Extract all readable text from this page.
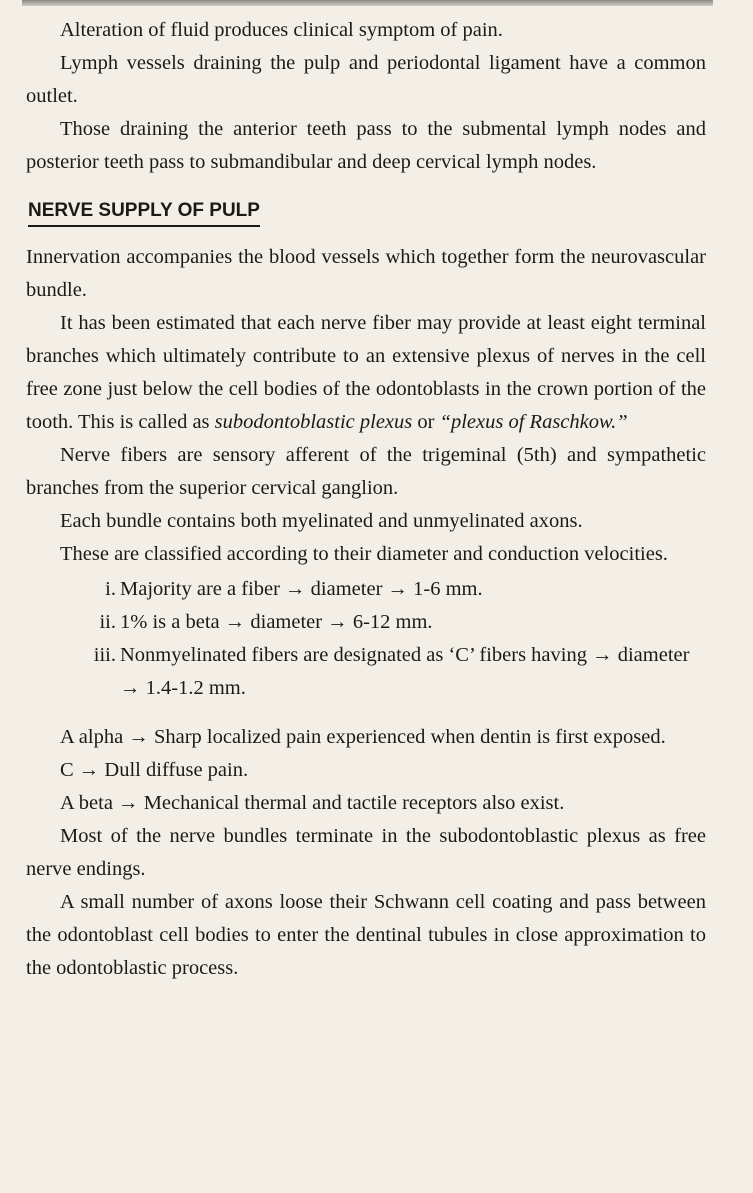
Alteration of fluid produces clinical symptom of pain.

Lymph vessels draining the pulp and periodontal ligament have a common outlet.

Those draining the anterior teeth pass to the submental lymph nodes and posterior teeth pass to submandibular and deep cervical lymph nodes.

NERVE SUPPLY OF PULP

Innervation accompanies the blood vessels which together form the neurovascular bundle.

It has been estimated that each nerve fiber may provide at least eight terminal branches which ultimately contribute to an extensive plexus of nerves in the cell free zone just below the cell bodies of the odontoblasts in the crown portion of the tooth. This is called as subodontoblastic plexus or “plexus of Raschkow.”

Nerve fibers are sensory afferent of the trigeminal (5th) and sympathetic branches from the superior cervical ganglion.

Each bundle contains both myelinated and unmyelinated axons.

These are classified according to their diameter and conduction velocities.

i. Majority are a fiber → diameter → 1-6 mm.
ii. 1% is a beta → diameter → 6-12 mm.
iii. Nonmyelinated fibers are designated as ‘C’ fibers having → diameter → 1.4-1.2 mm.

A alpha → Sharp localized pain experienced when dentin is first exposed.

C → Dull diffuse pain.

A beta → Mechanical thermal and tactile receptors also exist.

Most of the nerve bundles terminate in the subodontoblastic plexus as free nerve endings.

A small number of axons loose their Schwann cell coating and pass between the odontoblast cell bodies to enter the dentinal tubules in close approximation to the odontoblastic process.
